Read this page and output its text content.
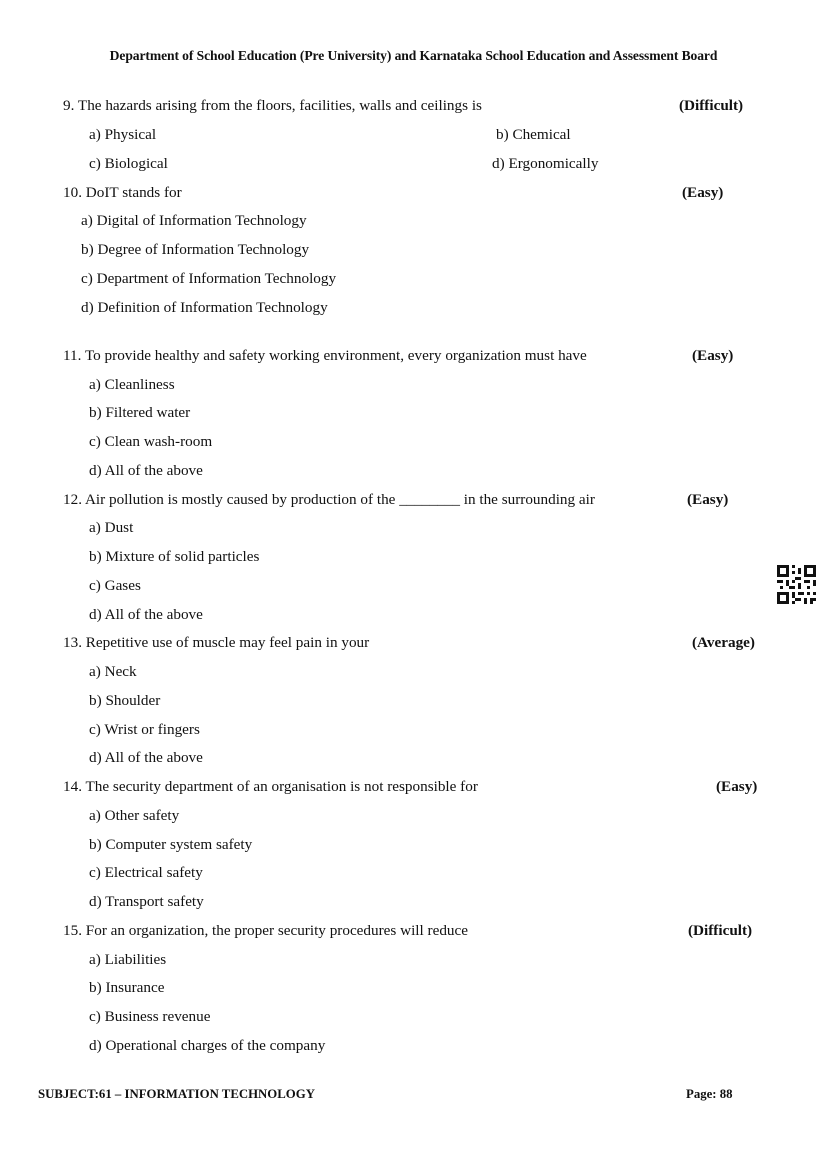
Department of School Education (Pre University) and Karnataka School Education and Assessment Board
9. The hazards arising from the floors, facilities, walls and ceilings is	(Difficult)
a) Physical	b) Chemical
c) Biological	d) Ergonomically
10. DoIT stands for	(Easy)
a) Digital of Information Technology
b) Degree of Information Technology
c) Department of Information Technology
d) Definition of Information Technology
11. To provide healthy and safety working environment, every organization must have	(Easy)
a) Cleanliness
b) Filtered water
c) Clean wash-room
d) All of the above
12. Air pollution is mostly caused by production of the ________ in the surrounding air	(Easy)
a) Dust
b) Mixture of solid particles
c) Gases
d) All of the above
13. Repetitive use of muscle may feel pain in your	(Average)
a) Neck
b) Shoulder
c) Wrist or fingers
d) All of the above
14. The security department of an organisation is not responsible for	(Easy)
a) Other safety
b) Computer system safety
c) Electrical safety
d) Transport safety
15. For an organization, the proper security procedures will reduce	(Difficult)
a) Liabilities
b) Insurance
c) Business revenue
d) Operational charges of the company
SUBJECT:61 – INFORMATION TECHNOLOGY	Page: 88
